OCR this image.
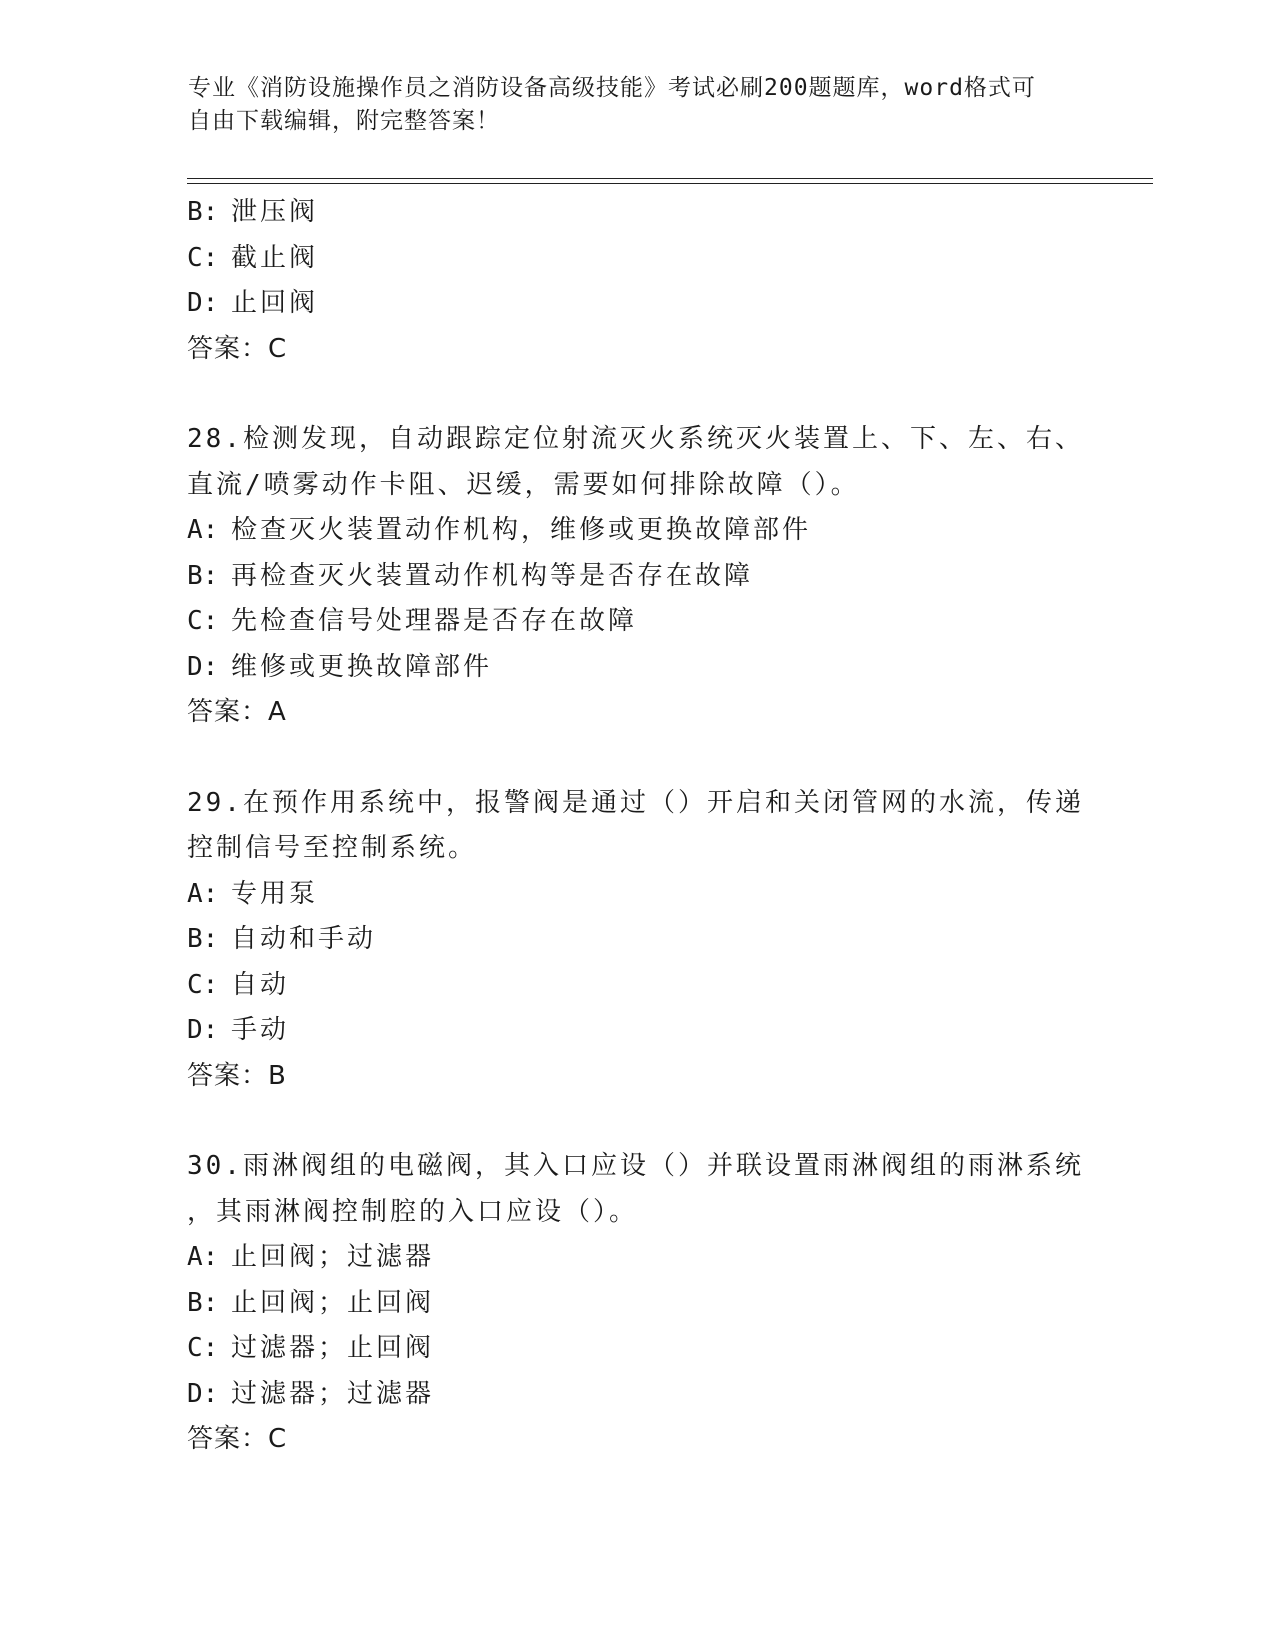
专业《消防设施操作员之消防设备高级技能》考试必刷200题题库，word格式可
自由下载编辑，附完整答案！
B: 泄压阀
C: 截止阀
D: 止回阀
答案：C
28.检测发现，自动跟踪定位射流灭火系统灭火装置上、下、左、右、
直流/喷雾动作卡阻、迟缓，需要如何排除故障（）。
A: 检查灭火装置动作机构，维修或更换故障部件
B: 再检查灭火装置动作机构等是否存在故障
C: 先检查信号处理器是否存在故障
D: 维修或更换故障部件
答案：A
29.在预作用系统中，报警阀是通过（）开启和关闭管网的水流，传递
控制信号至控制系统。
A: 专用泵
B: 自动和手动
C: 自动
D: 手动
答案：B
30.雨淋阀组的电磁阀，其入口应设（）并联设置雨淋阀组的雨淋系统
，其雨淋阀控制腔的入口应设（）。
A: 止回阀；过滤器
B: 止回阀；止回阀
C: 过滤器；止回阀
D: 过滤器；过滤器
答案：C
